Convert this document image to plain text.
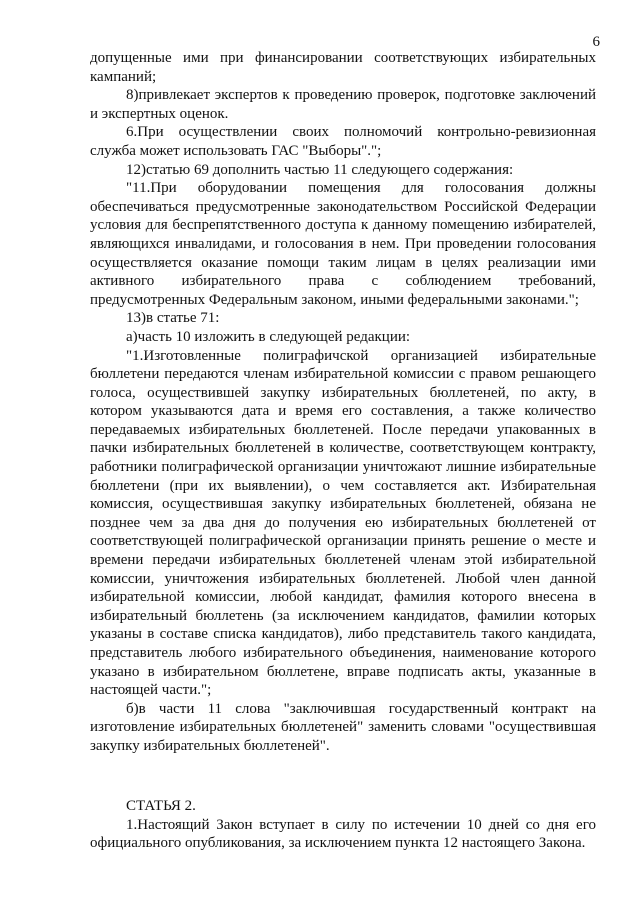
6

допущенные ими при финансировании соответствующих избирательных кампаний;

8)привлекает экспертов к проведению проверок, подготовке заключений и экспертных оценок.

6.При осуществлении своих полномочий контрольно-ревизионная служба может использовать ГАС "Выборы".";

12)статью 69 дополнить частью 11 следующего содержания:

"11.При оборудовании помещения для голосования должны обеспечиваться предусмотренные законодательством Российской Федерации условия для беспрепятственного доступа к данному помещению избирателей, являющихся инвалидами, и голосования в нем. При проведении голосования осуществляется оказание помощи таким лицам в целях реализации ими активного избирательного права с соблюдением требований, предусмотренных Федеральным законом, иными федеральными законами.";

13)в статье 71:

а)часть 10 изложить в следующей редакции:

"1.Изготовленные полиграфичской организацией избирательные бюллетени передаются членам избирательной комиссии с правом решающего голоса, осуществившей закупку избирательных бюллетеней, по акту, в котором указываются дата и время его составления, а также количество передаваемых избирательных бюллетеней. После передачи упакованных в пачки избирательных бюллетеней в количестве, соответствующем контракту, работники полиграфической организации уничтожают лишние избирательные бюллетени (при их выявлении), о чем составляется акт. Избирательная комиссия, осуществившая закупку избирательных бюллетеней, обязана не позднее чем за два дня до получения ею избирательных бюллетеней от соответствующей полиграфической организации принять решение о месте и времени передачи избирательных бюллетеней членам этой избирательной комиссии, уничтожения избирательных бюллетеней. Любой член данной избирательной комиссии, любой кандидат, фамилия которого внесена в избирательный бюллетень (за исключением кандидатов, фамилии которых указаны в составе списка кандидатов), либо представитель такого кандидата, представитель любого избирательного объединения, наименование которого указано в избирательном бюллетене, вправе подписать акты, указанные в настоящей части.";

б)в части 11 слова "заключившая государственный контракт на изготовление избирательных бюллетеней" заменить словами "осуществившая закупку избирательных бюллетеней".

СТАТЬЯ 2.

1.Настоящий Закон вступает в силу по истечении 10 дней со дня его официального опубликования, за исключением пункта 12 настоящего Закона.
